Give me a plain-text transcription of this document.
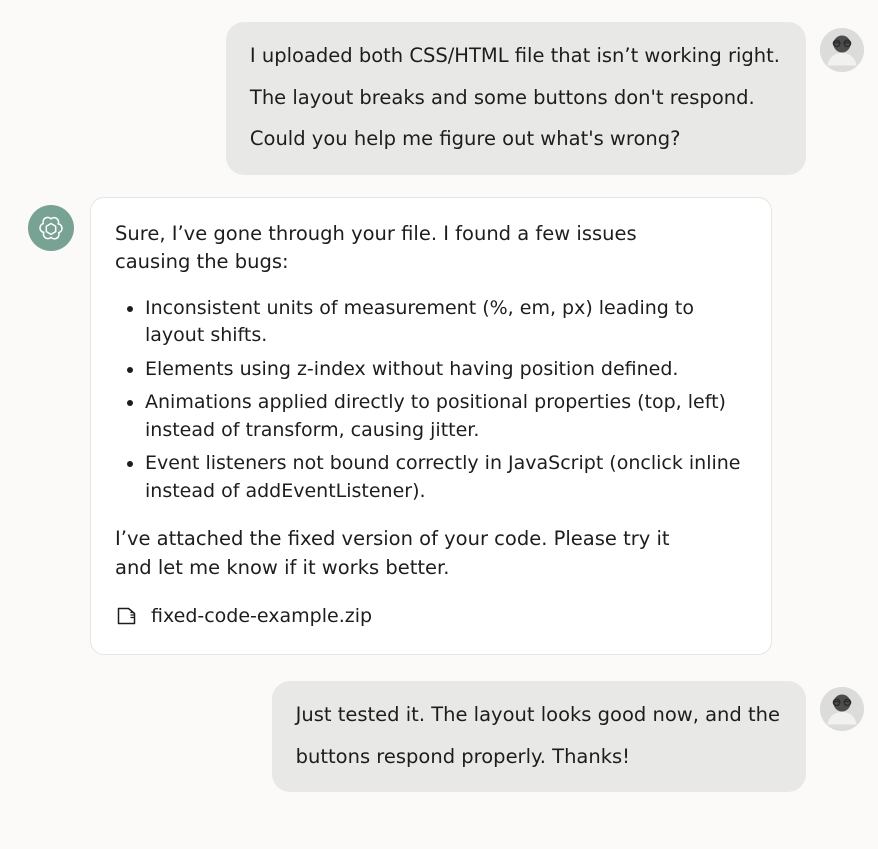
I uploaded both CSS/HTML file that isn’t working right.

The layout breaks and some buttons don't respond.

Could you help me figure out what's wrong?

Sure, I’ve gone through your file. I found a few issues

causing the bugs:

• Inconsistent units of measurement (%, em, px) leading to layout shifts.
• Elements using z-index without having position defined.
• Animations applied directly to positional properties (top, left) instead of transform, causing jitter.
• Event listeners not bound correctly in JavaScript (onclick inline instead of addEventListener).

I’ve attached the fixed version of your code. Please try it

and let me know if it works better.

fixed-code-example.zip

Just tested it. The layout looks good now, and the

buttons respond properly. Thanks!
